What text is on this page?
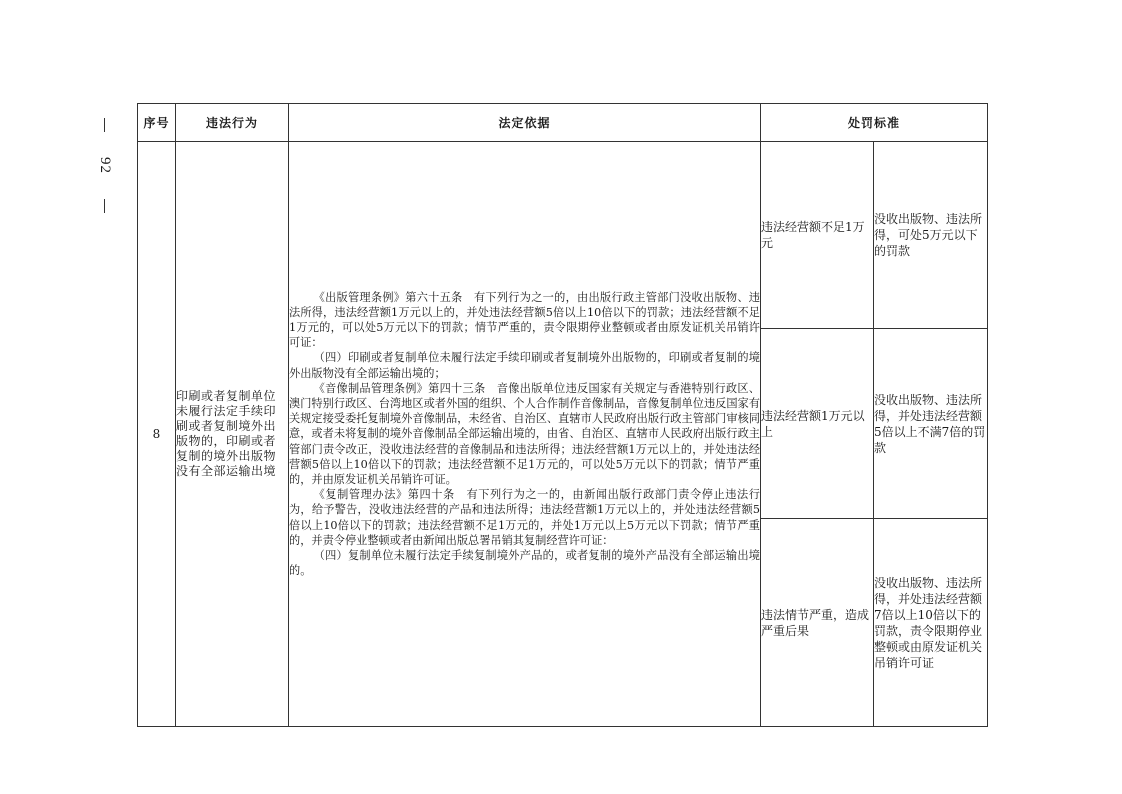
92
序号	违法行为	法定依据	处罚标准	
8	印刷或者复制单位未履行法定手续印刷或者复制境外出版物的，印刷或者复制的境外出版物没有全部运输出境	《出版管理条例》第六十五条　有下列行为之一的，由出版行政主管部门没收出版物、违法所得，违法经营额1万元以上的，并处违法经营额5倍以上10倍以下的罚款；违法经营额不足1万元的，可以处5万元以下的罚款；情节严重的，责令限期停业整顿或者由原发证机关吊销许可证：

（四）印刷或者复制单位未履行法定手续印刷或者复制境外出版物的，印刷或者复制的境外出版物没有全部运输出境的；

《音像制品管理条例》第四十三条　音像出版单位违反国家有关规定与香港特别行政区、澳门特别行政区、台湾地区或者外国的组织、个人合作制作音像制品，音像复制单位违反国家有关规定接受委托复制境外音像制品，未经省、自治区、直辖市人民政府出版行政主管部门审核同意，或者未将复制的境外音像制品全部运输出境的，由省、自治区、直辖市人民政府出版行政主管部门责令改正，没收违法经营的音像制品和违法所得；违法经营额1万元以上的，并处违法经营额5倍以上10倍以下的罚款；违法经营额不足1万元的，可以处5万元以下的罚款；情节严重的，并由原发证机关吊销许可证。

《复制管理办法》第四十条　有下列行为之一的，由新闻出版行政部门责令停止违法行为，给予警告，没收违法经营的产品和违法所得；违法经营额1万元以上的，并处违法经营额5倍以上10倍以下的罚款；违法经营额不足1万元的，并处1万元以上5万元以下罚款；情节严重的，并责令停业整顿或者由新闻出版总署吊销其复制经营许可证：

（四）复制单位未履行法定手续复制境外产品的，或者复制的境外产品没有全部运输出境的。	违法经营额不足1万元	没收出版物、违法所得，可处5万元以下的罚款
			违法经营额1万元以上	没收出版物、违法所得，并处违法经营额5倍以上不满7倍的罚款
			违法情节严重，造成严重后果	没收出版物、违法所得，并处违法经营额7倍以上10倍以下的罚款，责令限期停业整顿或由原发证机关吊销许可证
